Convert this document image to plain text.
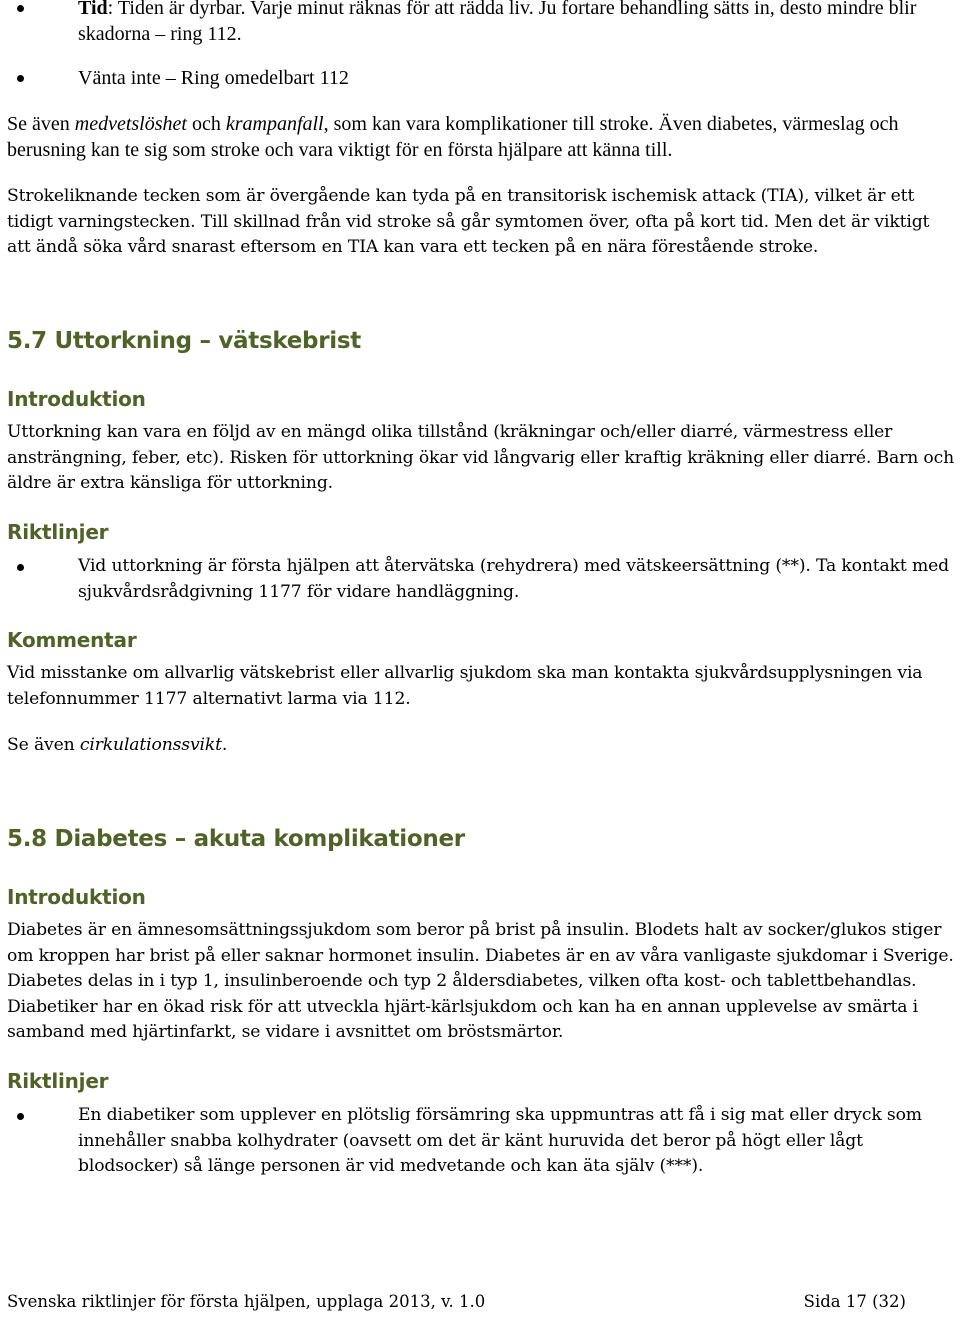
Tid: Tiden är dyrbar. Varje minut räknas för att rädda liv. Ju fortare behandling sätts in, desto mindre blir skadorna – ring 112.
Vänta inte – Ring omedelbart 112

Se även medvetslöshet och krampanfall, som kan vara komplikationer till stroke. Även diabetes, värmeslag och berusning kan te sig som stroke och vara viktigt för en första hjälpare att känna till.

Strokeliknande tecken som är övergående kan tyda på en transitorisk ischemisk attack (TIA), vilket är ett tidigt varningstecken. Till skillnad från vid stroke så går symtomen över, ofta på kort tid. Men det är viktigt att ändå söka vård snarast eftersom en TIA kan vara ett tecken på en nära förestående stroke.

5.7 Uttorkning – vätskebrist
Introduktion

Uttorkning kan vara en följd av en mängd olika tillstånd (kräkningar och/eller diarré, värmestress eller ansträngning, feber, etc). Risken för uttorkning ökar vid långvarig eller kraftig kräkning eller diarré. Barn och äldre är extra känsliga för uttorkning.

Riktlinjer
Vid uttorkning är första hjälpen att återvätska (rehydrera) med vätskeersättning (**). Ta kontakt med sjukvårdsrådgivning 1177 för vidare handläggning.
Kommentar

Vid misstanke om allvarlig vätskebrist eller allvarlig sjukdom ska man kontakta sjukvårdsupplysningen via telefonnummer 1177 alternativt larma via 112.

Se även cirkulationssvikt.

5.8 Diabetes – akuta komplikationer
Introduktion

Diabetes är en ämnesomsättningssjukdom som beror på brist på insulin. Blodets halt av socker/glukos stiger om kroppen har brist på eller saknar hormonet insulin. Diabetes är en av våra vanligaste sjukdomar i Sverige. Diabetes delas in i typ 1, insulinberoende och typ 2 åldersdiabetes, vilken ofta kost- och tablettbehandlas. Diabetiker har en ökad risk för att utveckla hjärt-kärlsjukdom och kan ha en annan upplevelse av smärta i samband med hjärtinfarkt, se vidare i avsnittet om bröstsmärtor.

Riktlinjer
En diabetiker som upplever en plötslig försämring ska uppmuntras att få i sig mat eller dryck som innehåller snabba kolhydrater (oavsett om det är känt huruvida det beror på högt eller lågt blodsocker) så länge personen är vid medvetande och kan äta själv (***).
Svenska riktlinjer för första hjälpen, upplaga 2013, v. 1.0	Sida 17 (32)
